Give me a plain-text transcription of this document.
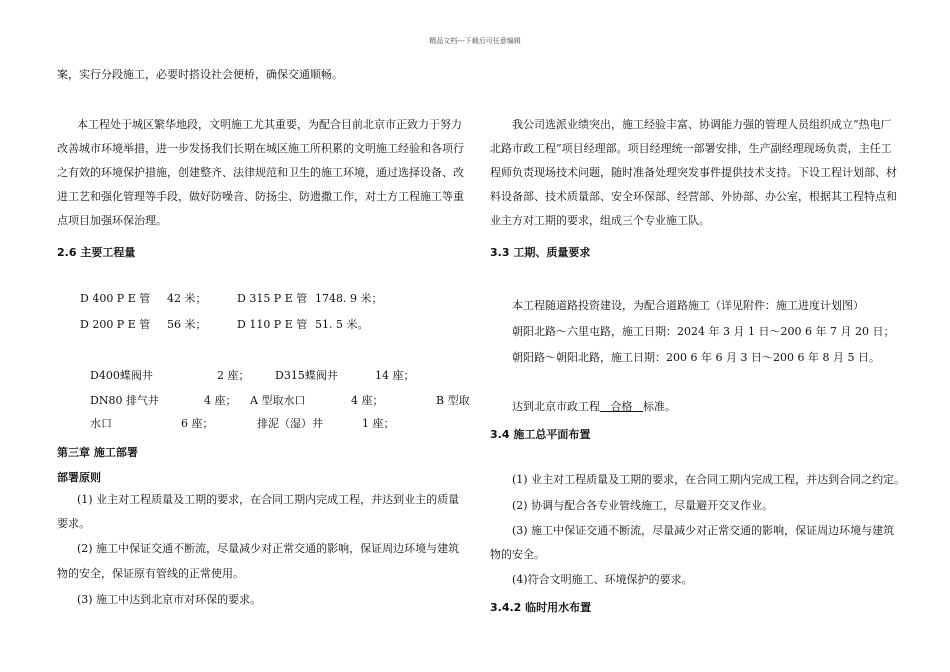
精品文档---下载后可任意编辑

案，实行分段施工，必要时搭设社会便桥，确保交通顺畅。

本工程处于城区繁华地段，文明施工尤其重要，为配合目前北京市正致力于努力

改善城市环境举措，进一步发扬我们长期在城区施工所积累的文明施工经验和各项行

之有效的环境保护措施，创建整齐、法律规范和卫生的施工环境，通过选择设备、改

进工艺和强化管理等手段，做好防噪音、防扬尘、防遗撒工作，对土方工程施工等重

点项目加强环保治理。

2.6 主要工程量

D 400 P E 管 42 米；	D 315 P E 管 1748. 9 米；

D 200 P E 管 56 米；	D 110 P E 管 51. 5 米。

D400蝶阀井	2 座； D315蝶阀井	14 座；

DN80 排气井	4 座； A 型取水口	4 座；	B 型取

水口	6 座；	排泥（湿）井	1 座；

第三章 施工部署
部署原则

(1) 业主对工程质量及工期的要求，在合同工期内完成工程，并达到业主的质量

要求。

(2) 施工中保证交通不断流，尽量减少对正常交通的影响，保证周边环境与建筑

物的安全，保证原有管线的正常使用。

(3) 施工中达到北京市对环保的要求。

我公司选派业绩突出，施工经验丰富、协调能力强的管理人员组织成立“热电厂

北路市政工程”项目经理部。项目经理统一部署安排，生产副经理现场负责，主任工

程师负责现场技术问题，随时准备处理突发事件提供技术支持。下设工程计划部、材

料设备部、技术质量部、安全环保部、经营部、外协部、办公室，根据其工程特点和

业主方对工期的要求，组成三个专业施工队。

3.3 工期、质量要求

本工程随道路投资建设，为配合道路施工（详见附件：施工进度计划图）

朝阳北路～六里屯路，施工日期：2024 年 3 月 1 日～200 6 年 7 月 20 日；

朝阳路～朝阳北路，施工日期：200 6 年 6 月 3 日～200 6 年 8 月 5 日。

达到北京市政工程   合格   标准。

3.4 施工总平面布置

(1) 业主对工程质量及工期的要求，在合同工期内完成工程，并达到合同之约定。

(2) 协调与配合各专业管线施工，尽量避开交叉作业。

(3) 施工中保证交通不断流，尽量减少对正常交通的影响，保证周边环境与建筑

物的安全。

(4)符合文明施工、环境保护的要求。

3.4.2 临时用水布置
